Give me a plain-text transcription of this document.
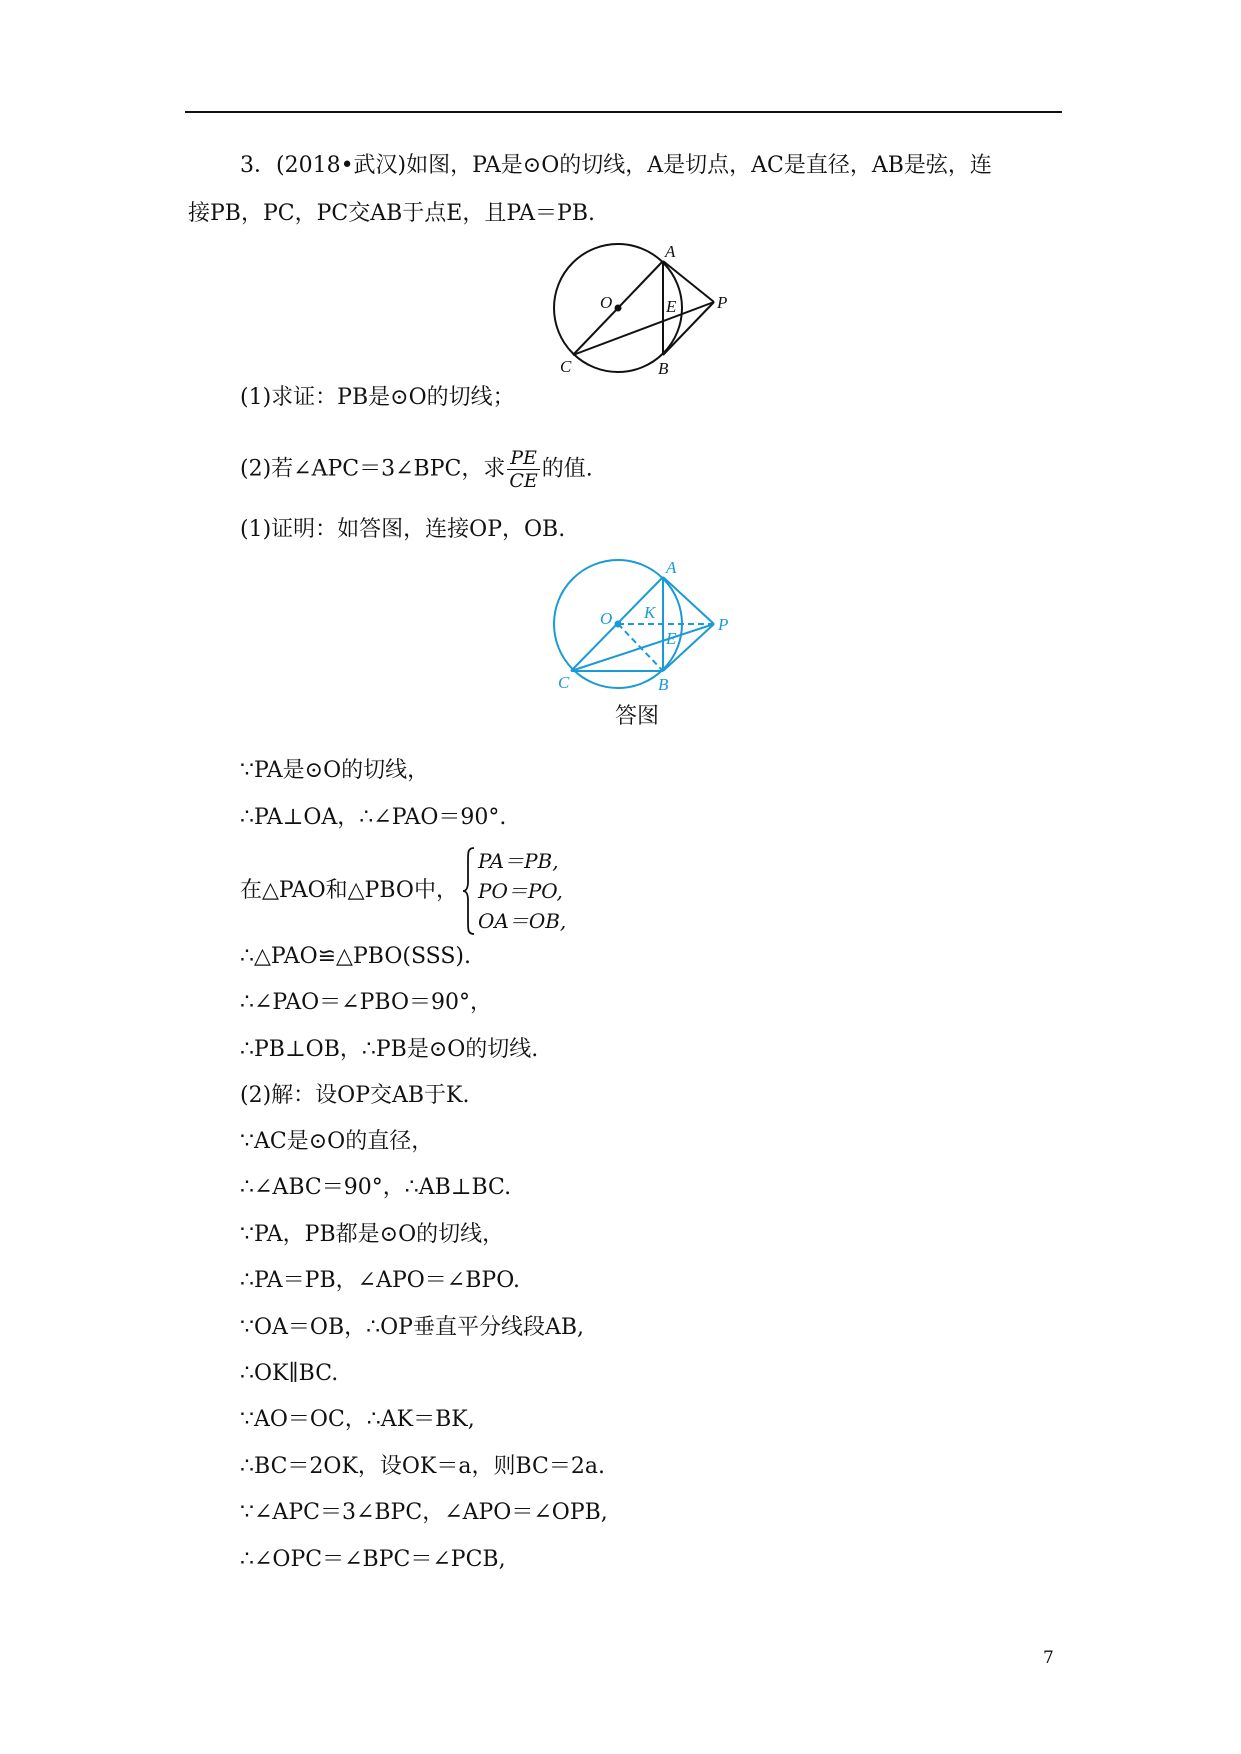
3．(2018•武汉)如图，PA是⊙O的切线，A是切点，AC是直径，AB是弦，连
接PB，PC，PC交AB于点E，且PA＝PB.
A
O	E P
C	B
(1)求证：PB是⊙O的切线；
(2)若∠APC＝3∠BPC，求 $\frac{PE}{CE}$ 的值.
(1)证明：如答图，连接OP，OB.
A
O K
E
P
C	B
答图
∵PA是⊙O的切线，
∴PA⊥OA，∴∠PAO＝90°.
在△PAO和△PBO中，
PA＝PB,
PO＝PO,
OA＝OB,
∴△PAO≌△PBO(SSS).
∴∠PAO＝∠PBO＝90°，
∴PB⊥OB，∴PB是⊙O的切线.
(2)解：设OP交AB于K.
∵AC是⊙O的直径，
∴∠ABC＝90°，∴AB⊥BC.
∵PA，PB都是⊙O的切线，
∴PA＝PB，∠APO＝∠BPO.
∵OA＝OB，∴OP垂直平分线段AB,
∴OK∥BC.
∵AO＝OC，∴AK＝BK,
∴BC＝2OK，设OK＝a，则BC＝2a.
∵∠APC＝3∠BPC，∠APO＝∠OPB,
∴∠OPC＝∠BPC＝∠PCB,
7
